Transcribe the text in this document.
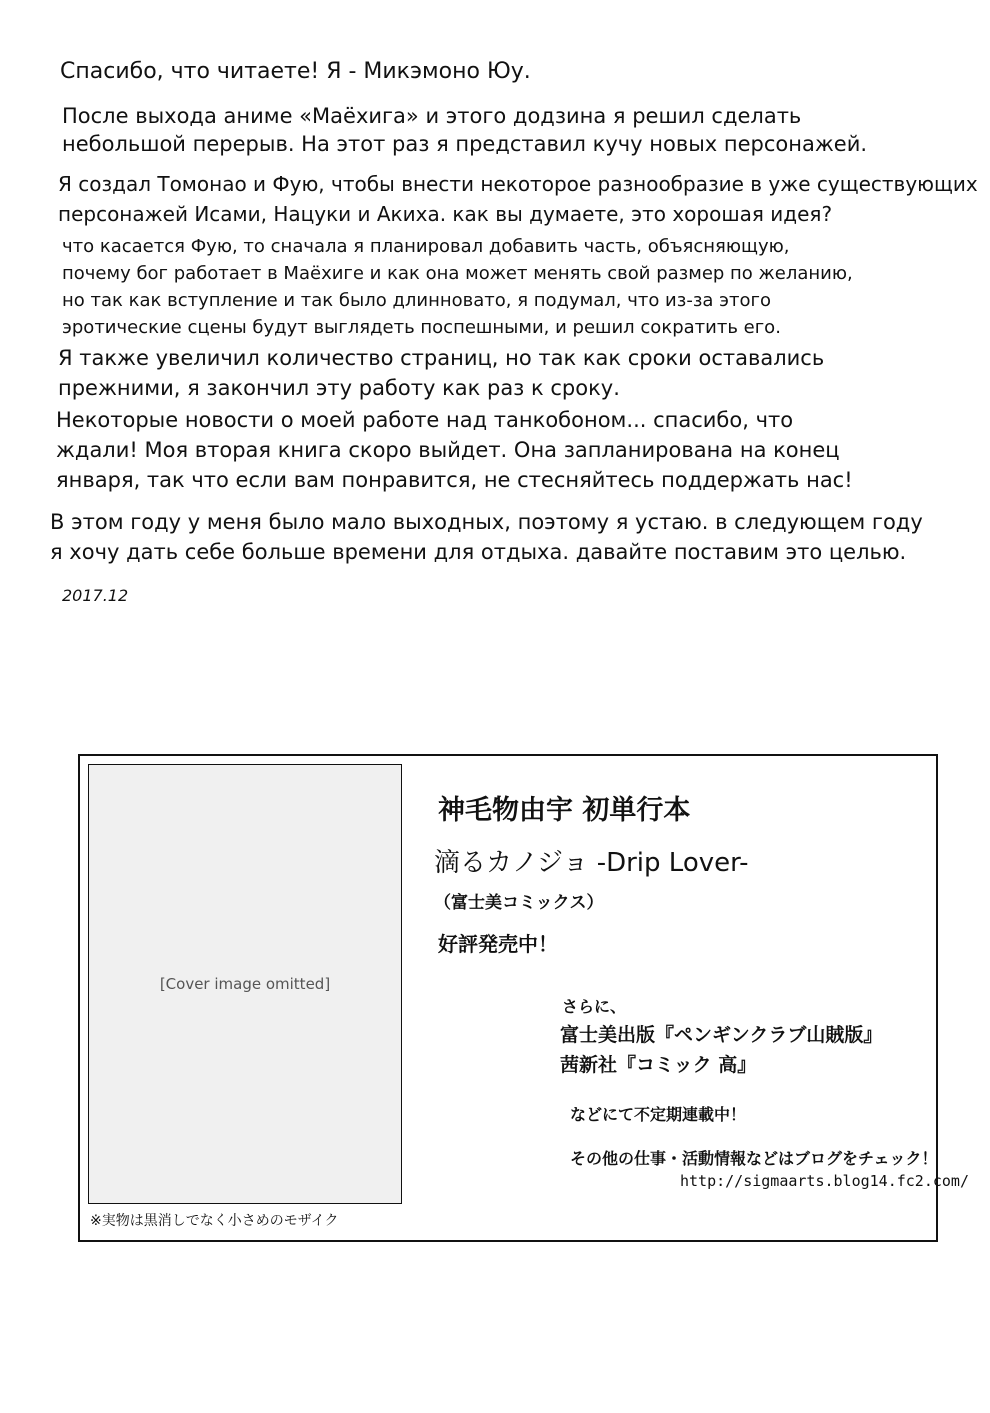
Спасибо, что читаете! Я - Микэмоно Юу.
После выхода аниме «Маёхига» и этого додзина я решил сделать
небольшой перерыв. На этот раз я представил кучу новых персонажей.
Я создал Томонао и Фую, чтобы внести некоторое разнообразие в уже существующих
персонажей Исами, Нацуки и Акиха. как вы думаете, это хорошая идея?
что касается Фую, то сначала я планировал добавить часть, объясняющую,
почему бог работает в Маёхиге и как она может менять свой размер по желанию,
но так как вступление и так было длинновато, я подумал, что из-за этого
эротические сцены будут выглядеть поспешными, и решил сократить его.
Я также увеличил количество страниц, но так как сроки оставались
прежними, я закончил эту работу как раз к сроку.
Некоторые новости о моей работе над танкобоном... спасибо, что
ждали! Моя вторая книга скоро выйдет. Она запланирована на конец
января, так что если вам понравится, не стесняйтесь поддержать нас!
В этом году у меня было мало выходных, поэтому я устаю. в следующем году
я хочу дать себе больше времени для отдыха. давайте поставим это целью.
2017.12
[Cover image omitted]
※実物は黒消しでなく小さめのモザイク
神毛物由宇 初単行本
滴るカノジョ -Drip Lover-
（富士美コミックス）
好評発売中！
さらに、
富士美出版『ペンギンクラブ山賊版』
茜新社『コミック 高』
などにて不定期連載中！
その他の仕事・活動情報などはブログをチェック！
http://sigmaarts.blog14.fc2.com/
